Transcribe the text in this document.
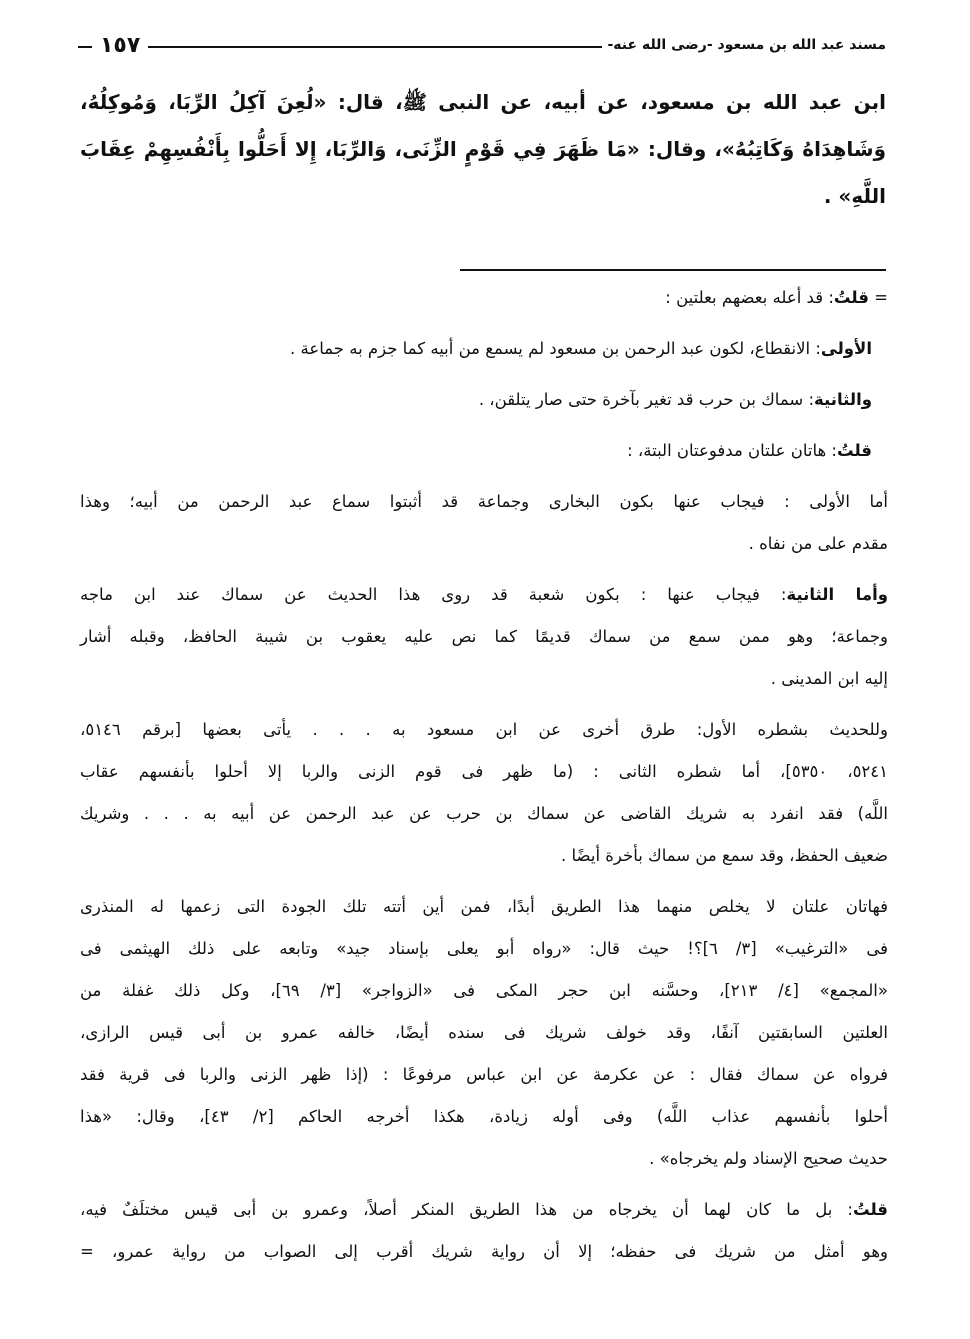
مسند عبد الله بن مسعود -رضى الله عنه-
١٥٧
ابن عبد الله بن مسعود، عن أبيه، عن النبى ﷺ، قال: «لُعِنَ آكِلُ الرِّبَا، وَمُوكِلُهُ،
وَشَاهِدَاهُ وَكَاتِبُهُ»، وقال: «مَا ظَهَرَ فِي قَوْمٍ الزِّنَى، وَالرِّبَا، إِلا أَحَلُّوا بِأَنْفُسِهِمْ عِقَابَ
اللَّهِ» .
= قلتُ: قد أعله بعضهم بعلتين :
الأولى: الانقطاع، لكون عبد الرحمن بن مسعود لم يسمع من أبيه كما جزم به جماعة .
والثانية: سماك بن حرب قد تغير بآخرة حتى صار يتلقن، .
قلتُ: هاتان علتان مدفوعتان البتة، :
أما الأولى : فيجاب عنها بكون البخارى وجماعة قد أثبتوا سماع عبد الرحمن من أبيه؛ وهذا
مقدم على من نفاه .
وأما الثانية: فيجاب عنها : بكون شعبة قد روى هذا الحديث عن سماك عند ابن ماجه
وجماعة؛ وهو ممن سمع من سماك قديمًا كما نص عليه يعقوب بن شيبة الحافظ، وقبله أشار
إليه ابن المدينى .
وللحديث بشطره الأول: طرق أخرى عن ابن مسعود به . . . يأتى بعضها [برقم ٥١٤٦،
٥٢٤١، ٥٣٥٠]، أما شطره الثانى : (ما ظهر فى قوم الزنى والربا إلا أحلوا بأنفسهم عقاب
اللَّه) فقد انفرد به شريك القاضى عن سماك بن حرب عن عبد الرحمن عن أبيه به . . . وشريك
ضعيف الحفظ، وقد سمع من سماك بأخرة أيضًا .
فهاتان علتان لا يخلص منهما هذا الطريق أبدًا، فمن أين أتته تلك الجودة التى زعمها له المنذرى
فى «الترغيب» [٣/ ٦]؟! حيث قال: «رواه أبو يعلى بإسناد جيد» وتابعه على ذلك الهيثمى فى
«المجمع» [٤/ ٢١٣]، وحسَّنه ابن حجر المكى فى «الزواجر» [٣/ ٦٩]، وكل ذلك غفلة من
العلتين السابقتين آنفًا، وقد خولف شريك فى سنده أيضًا، خالفه عمرو بن أبى قيس الرازى،
فرواه عن سماك فقال : عن عكرمة عن ابن عباس مرفوعًا : (إذا ظهر الزنى والربا فى قرية فقد
أحلوا بأنفسهم عذاب اللَّه) وفى أوله زيادة، هكذا أخرجه الحاكم [٢/ ٤٣]، وقال: «هذا
حديث صحيح الإسناد ولم يخرجاه» .
قلتُ: بل ما كان لهما أن يخرجاه من هذا الطريق المنكر أصلاً، وعمرو بن أبى قيس مختلَفٌ فيه،
وهو أمثل من شريك فى حفظه؛ إلا أن رواية شريك أقرب إلى الصواب من رواية عمرو، =
